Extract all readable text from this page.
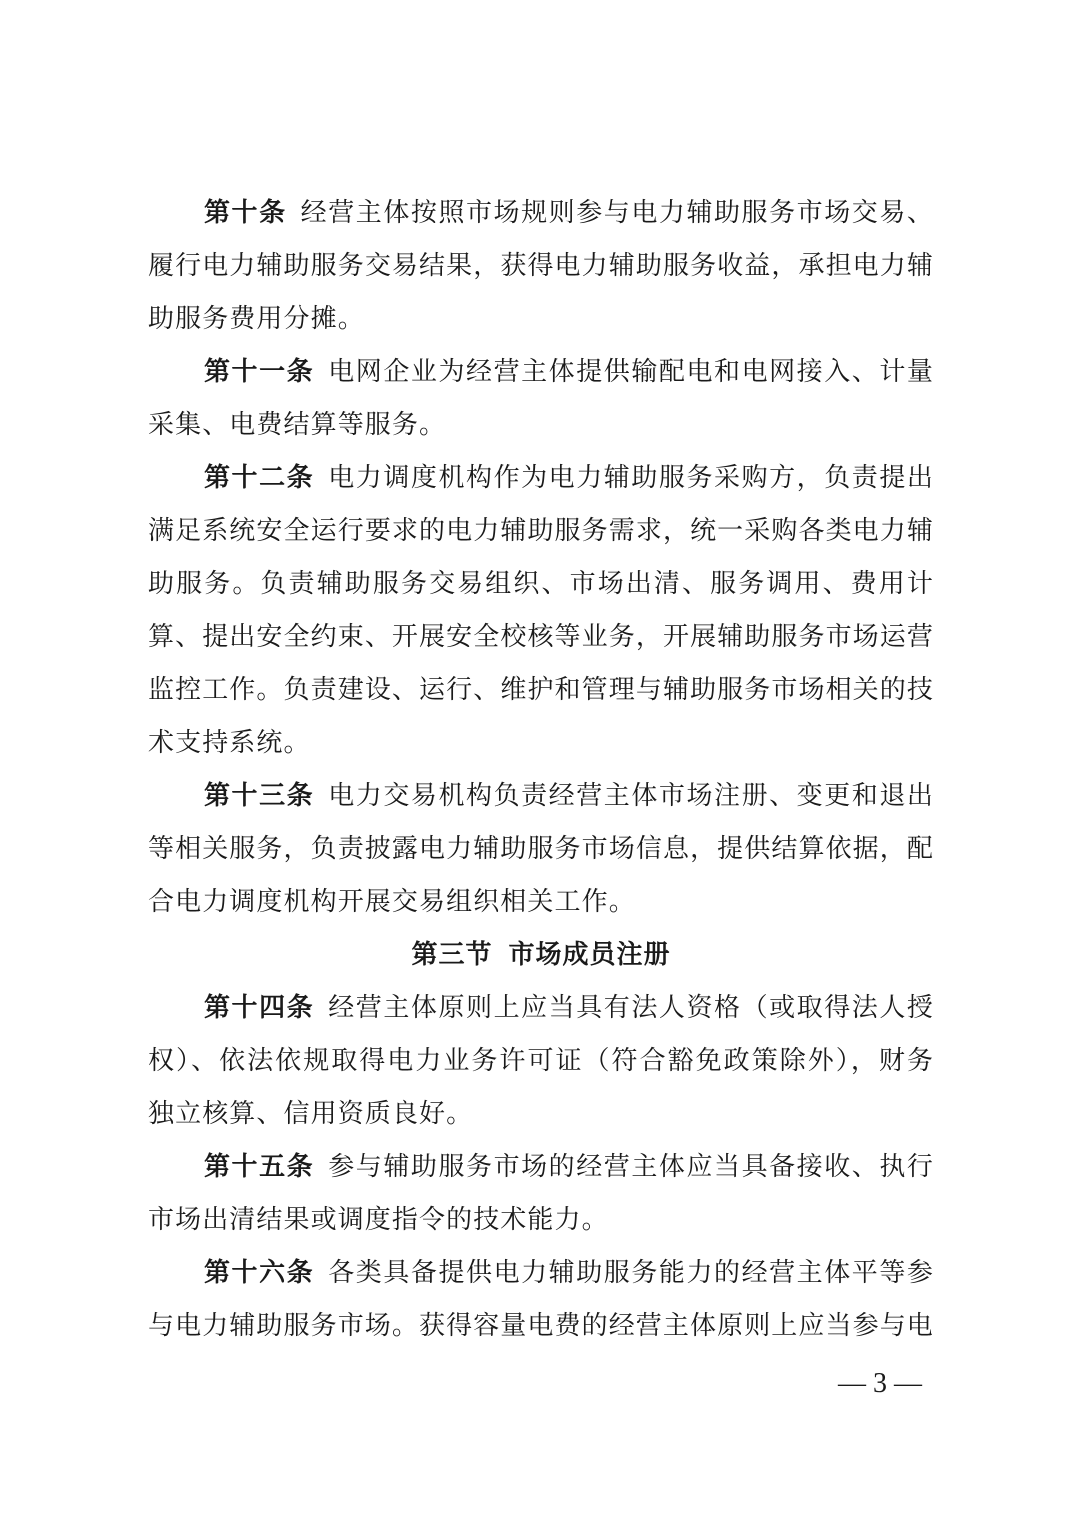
第十条 经营主体按照市场规则参与电力辅助服务市场交易、履行电力辅助服务交易结果，获得电力辅助服务收益，承担电力辅助服务费用分摊。

第十一条 电网企业为经营主体提供输配电和电网接入、计量采集、电费结算等服务。

第十二条 电力调度机构作为电力辅助服务采购方，负责提出满足系统安全运行要求的电力辅助服务需求，统一采购各类电力辅助服务。负责辅助服务交易组织、市场出清、服务调用、费用计算、提出安全约束、开展安全校核等业务，开展辅助服务市场运营监控工作。负责建设、运行、维护和管理与辅助服务市场相关的技术支持系统。

第十三条 电力交易机构负责经营主体市场注册、变更和退出等相关服务，负责披露电力辅助服务市场信息，提供结算依据，配合电力调度机构开展交易组织相关工作。

第三节 市场成员注册

第十四条 经营主体原则上应当具有法人资格（或取得法人授权）、依法依规取得电力业务许可证（符合豁免政策除外），财务独立核算、信用资质良好。

第十五条 参与辅助服务市场的经营主体应当具备接收、执行市场出清结果或调度指令的技术能力。

第十六条 各类具备提供电力辅助服务能力的经营主体平等参与电力辅助服务市场。获得容量电费的经营主体原则上应当参与电

— 3 —
